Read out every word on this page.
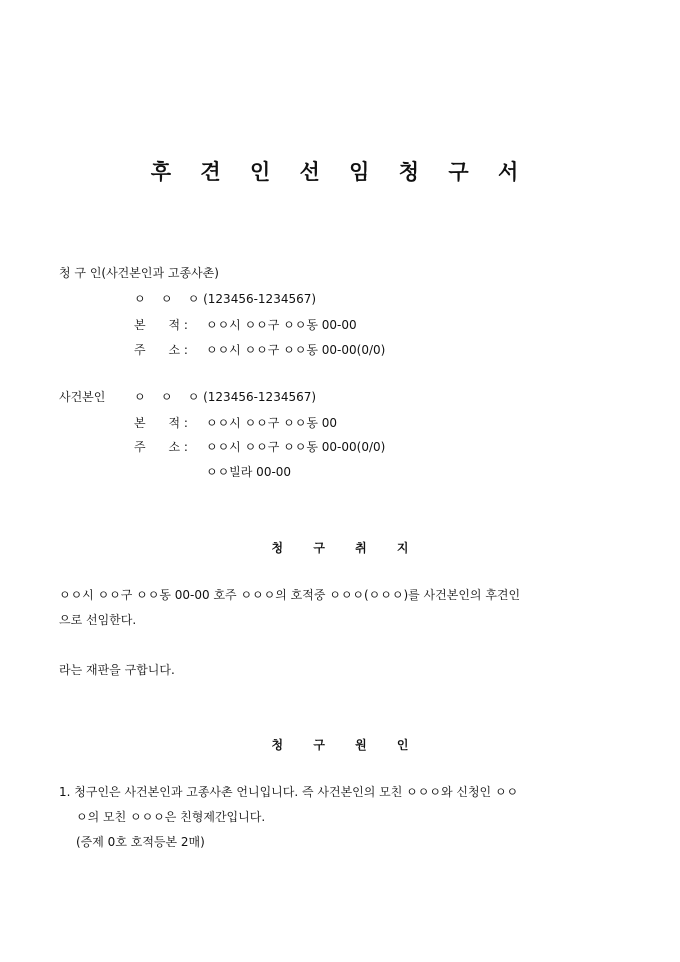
후 견 인 선 임 청 구 서
청 구 인(사건본인과 고종사촌)
ㅇ    ㅇ    ㅇ (123456-1234567)
본      적 : ㅇㅇ시 ㅇㅇ구 ㅇㅇ동 00-00
주      소 : ㅇㅇ시 ㅇㅇ구 ㅇㅇ동 00-00(0/0)
사건본인 ㅇ    ㅇ    ㅇ (123456-1234567)
본      적 : ㅇㅇ시 ㅇㅇ구 ㅇㅇ동 00
주      소 : ㅇㅇ시 ㅇㅇ구 ㅇㅇ동 00-00(0/0)
ㅇㅇ빌라 00-00
청 구 취 지
ㅇㅇ시 ㅇㅇ구 ㅇㅇ동 00-00 호주 ㅇㅇㅇ의 호적중 ㅇㅇㅇ(ㅇㅇㅇ)를 사건본인의 후견인
으로 선임한다.
라는 재판을 구합니다.
청 구 원 인
1. 청구인은 사건본인과 고종사촌 언니입니다. 즉 사건본인의 모친 ㅇㅇㅇ와 신청인 ㅇㅇ
ㅇ의 모친 ㅇㅇㅇ은 친형제간입니다.
(증제 0호 호적등본 2매)
